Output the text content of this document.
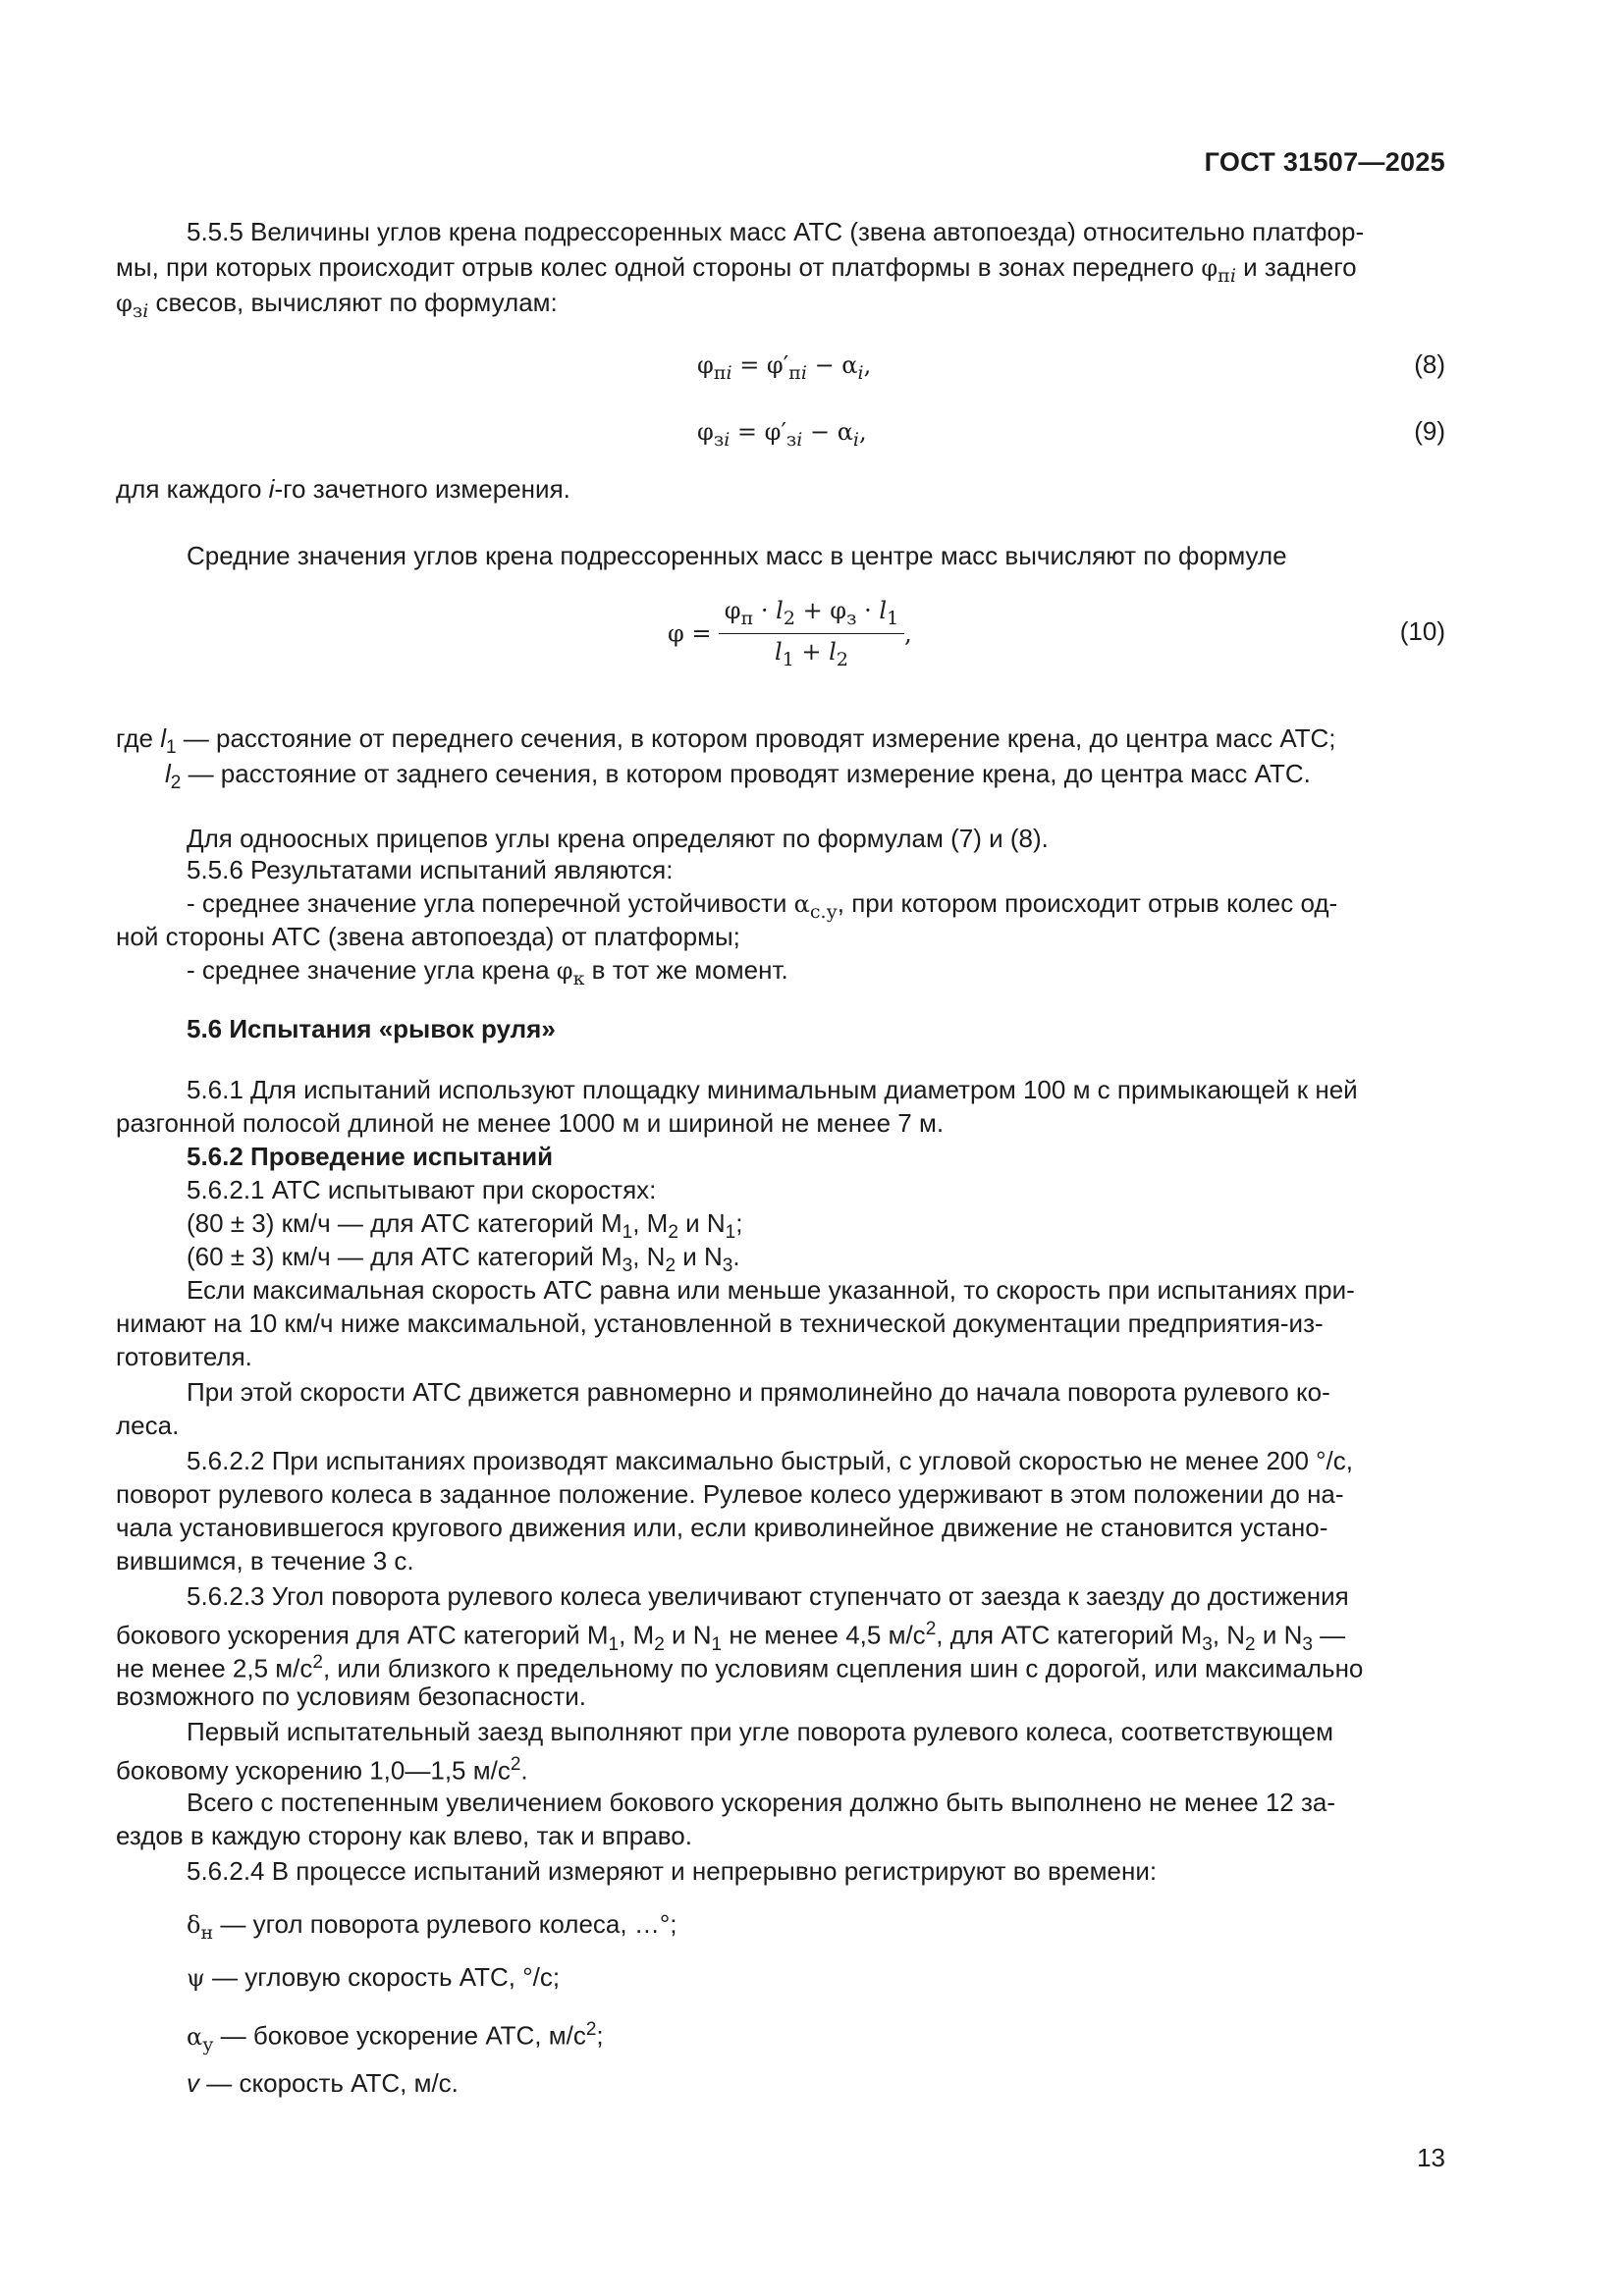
ГОСТ 31507—2025
5.5.5 Величины углов крена подрессоренных масс АТС (звена автопоезда) относительно платфор-
мы, при которых происходит отрыв колес одной стороны от платформы в зонах переднего $\varphi_{пi}$ и заднего
$\varphi_{зi}$ свесов, вычисляют по формулам:
$\varphi_{пi} = \varphi'_{пi} - \alpha_i$,	(8)
$\varphi_{зi} = \varphi'_{зi} - \alpha_i$,	(9)
для каждого i-го зачетного измерения.
Средние значения углов крена подрессоренных масс в центре масс вычисляют по формуле
$\varphi = \frac{\varphi_п \cdot l_2 + \varphi_з \cdot l_1}{l_1 + l_2}$ ,	(10)
где $l_1$ — расстояние от переднего сечения, в котором проводят измерение крена, до центра масс АТС;
$l_2$ — расстояние от заднего сечения, в котором проводят измерение крена, до центра масс АТС.
Для одноосных прицепов углы крена определяют по формулам (7) и (8).
5.5.6 Результатами испытаний являются:
- среднее значение угла поперечной устойчивости $\alpha_{с.у}$, при котором происходит отрыв колес од-
ной стороны АТС (звена автопоезда) от платформы;
- среднее значение угла крена $\varphi_к$ в тот же момент.
5.6 Испытания «рывок руля»
5.6.1 Для испытаний используют площадку минимальным диаметром 100 м с примыкающей к ней
разгонной полосой длиной не менее 1000 м и шириной не менее 7 м.
5.6.2 Проведение испытаний
5.6.2.1 АТС испытывают при скоростях:
(80 ± 3) км/ч — для АТС категорий $М_1$, $М_2$ и $N_1$;
(60 ± 3) км/ч — для АТС категорий $М_3$, $N_2$ и $N_3$.
Если максимальная скорость АТС равна или меньше указанной, то скорость при испытаниях при-
нимают на 10 км/ч ниже максимальной, установленной в технической документации предприятия-из-
готовителя.
При этой скорости АТС движется равномерно и прямолинейно до начала поворота рулевого ко-
леса.
5.6.2.2 При испытаниях производят максимально быстрый, с угловой скоростью не менее 200 °/с,
поворот рулевого колеса в заданное положение. Рулевое колесо удерживают в этом положении до на-
чала установившегося кругового движения или, если криволинейное движение не становится устано-
вившимся, в течение 3 с.
5.6.2.3 Угол поворота рулевого колеса увеличивают ступенчато от заезда к заезду до достижения
бокового ускорения для АТС категорий $М_1$, $М_2$ и $N_1$ не менее 4,5 $м/с^2$, для АТС категорий $М_3$, $N_2$ и $N_3$ —
не менее 2,5 $м/с^2$, или близкого к предельному по условиям сцепления шин с дорогой, или максимально
возможного по условиям безопасности.
Первый испытательный заезд выполняют при угле поворота рулевого колеса, соответствующем
боковому ускорению 1,0—1,5 $м/с^2$.
Всего с постепенным увеличением бокового ускорения должно быть выполнено не менее 12 за-
ездов в каждую сторону как влево, так и вправо.
5.6.2.4 В процессе испытаний измеряют и непрерывно регистрируют во времени:
$\delta_н$ — угол поворота рулевого колеса, …°;
ψ — угловую скорость АТС, °/с;
$\alpha_у$ — боковое ускорение АТС, $м/с^2$;
v — скорость АТС, м/с.
13
